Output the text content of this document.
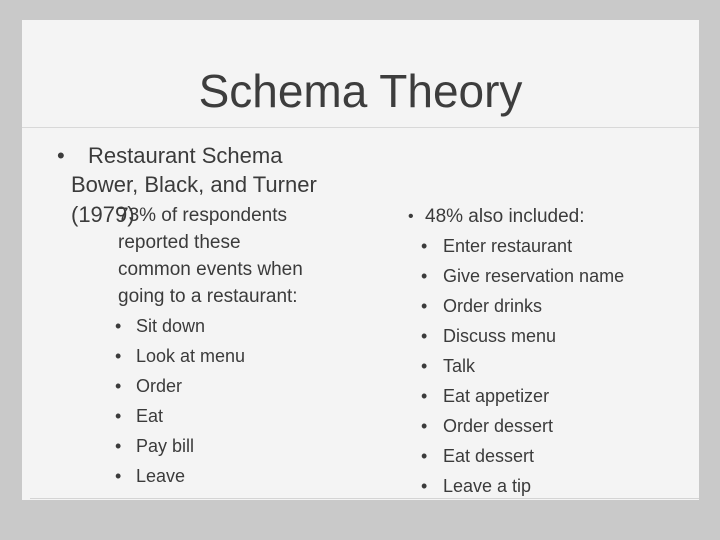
Schema Theory
• Restaurant Schema
Bower, Black, and Turner
(1979)
73% of respondents
reported these
common events when
going to a restaurant:
• Sit down
• Look at menu
• Order
• Eat
• Pay bill
• Leave
• 48% also included:
• Enter restaurant
• Give reservation name
• Order drinks
• Discuss menu
• Talk
• Eat appetizer
• Order dessert
• Eat dessert
• Leave a tip
